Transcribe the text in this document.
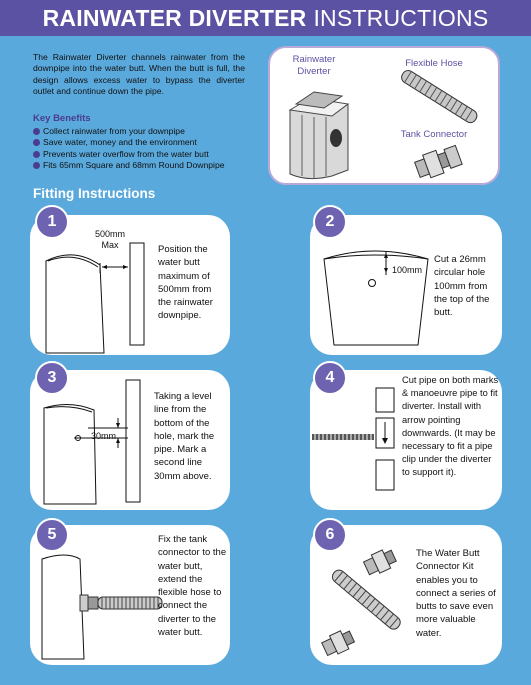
RAINWATER DIVERTER INSTRUCTIONS
The Rainwater Diverter channels rainwater from the downpipe into the water butt. When the butt is full, the design allows excess water to bypass the diverter outlet and continue down the pipe.
Key Benefits
Collect rainwater from your downpipe
Save water, money and the environment
Prevents water overflow from the water butt
Fits 65mm Square and 68mm Round Downpipe
Rainwater Diverter
Flexible Hose
Tank Connector
Fitting Instructions
500mm Max	Position the water butt maximum of 500mm from the rainwater downpipe.
1
100mm
Cut a 26mm circular hole 100mm from the top of the butt.
2
30mm
Taking a level line from the bottom of the hole, mark the pipe. Mark a second line 30mm above.
3	Cut pipe on both marks & manoeuvre pipe to fit diverter. Install with arrow pointing downwards. (It may be necessary to fit a pipe clip under the diverter to support it).
4
Fix the tank connector to the water butt, extend the flexible hose to connect the diverter to the water butt.
5
The Water Butt Connector Kit enables you to connect a series of butts to save even more valuable water.
6
